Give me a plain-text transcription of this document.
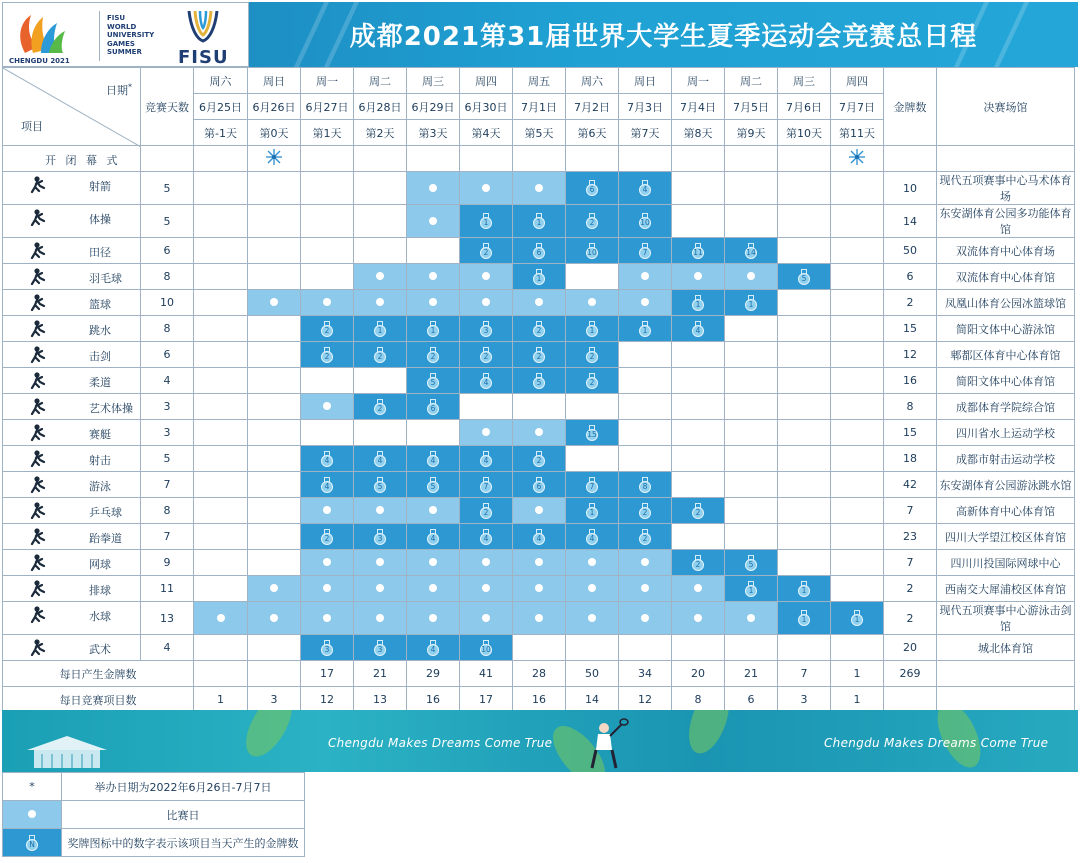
CHENGDU 2021
FISU
WORLD
UNIVERSITY
GAMES
SUMMER	FISU
成都2021第31届世界大学生夏季运动会竞赛总日程
日期*
项目	竞赛天数	周六	周日	周一	周二	周三	周四	周五	周六	周日	周一	周二	周三	周四	金牌数	决赛场馆
		6月25日	6月26日	6月27日	6月28日	6月29日	6月30日	7月1日	7月2日	7月3日	7月4日	7月5日	7月6日	7月7日		
		第-1天	第0天	第1天	第2天	第3天	第4天	第5天	第6天	第7天	第8天	第9天	第10天	第11天		

开 闭 幕 式

射箭	5								6	4					10	现代五项赛事中心马术体育场

体操	5						1	1	2	10					14	东安湖体育公园多功能体育馆

田径	6						2	6	10	7	11	14			50	双流体育中心体育场

羽毛球	8							1					5		6	双流体育中心体育馆

篮球	10										1	1			2	凤凰山体育公园冰篮球馆

跳水	8			2	1	1	3	2	1	1	4				15	简阳文体中心游泳馆

击剑	6			2	2	2	2	2	2						12	郫都区体育中心体育馆

柔道	4					5	4	5	2						16	简阳文体中心体育馆

艺术体操	3				2	6									8	成都体育学院综合馆

赛艇	3								15						15	四川省水上运动学校

射击	5			4	4	4	4	2							18	成都市射击运动学校

游泳	7			4	5	5	7	6	7	8					42	东安湖体育公园游泳跳水馆

乒乓球	8						2		1	2	2				7	高新体育中心体育馆

跆拳道	7			2	3	4	4	4	4	2					23	四川大学望江校区体育馆

网球	9										2	5			7	四川川投国际网球中心

排球	11											1	1		2	西南交大犀浦校区体育馆

水球	13												1	1	2	现代五项赛事中心游泳击剑馆

武术	4			3	3	4	10								20	城北体育馆
每日产生金牌数				17	21	29	41	28	50	34	20	21	7	1	269	
每日竞赛项目数		1	3	12	13	16	17	16	14	12	8	6	3	1		
Chengdu Makes Dreams Come True	Chengdu Makes Dreams Come True
*	举办日期为2022年6月26日-7月7日
	比赛日

N	奖牌图标中的数字表示该项目当天产生的金牌数
